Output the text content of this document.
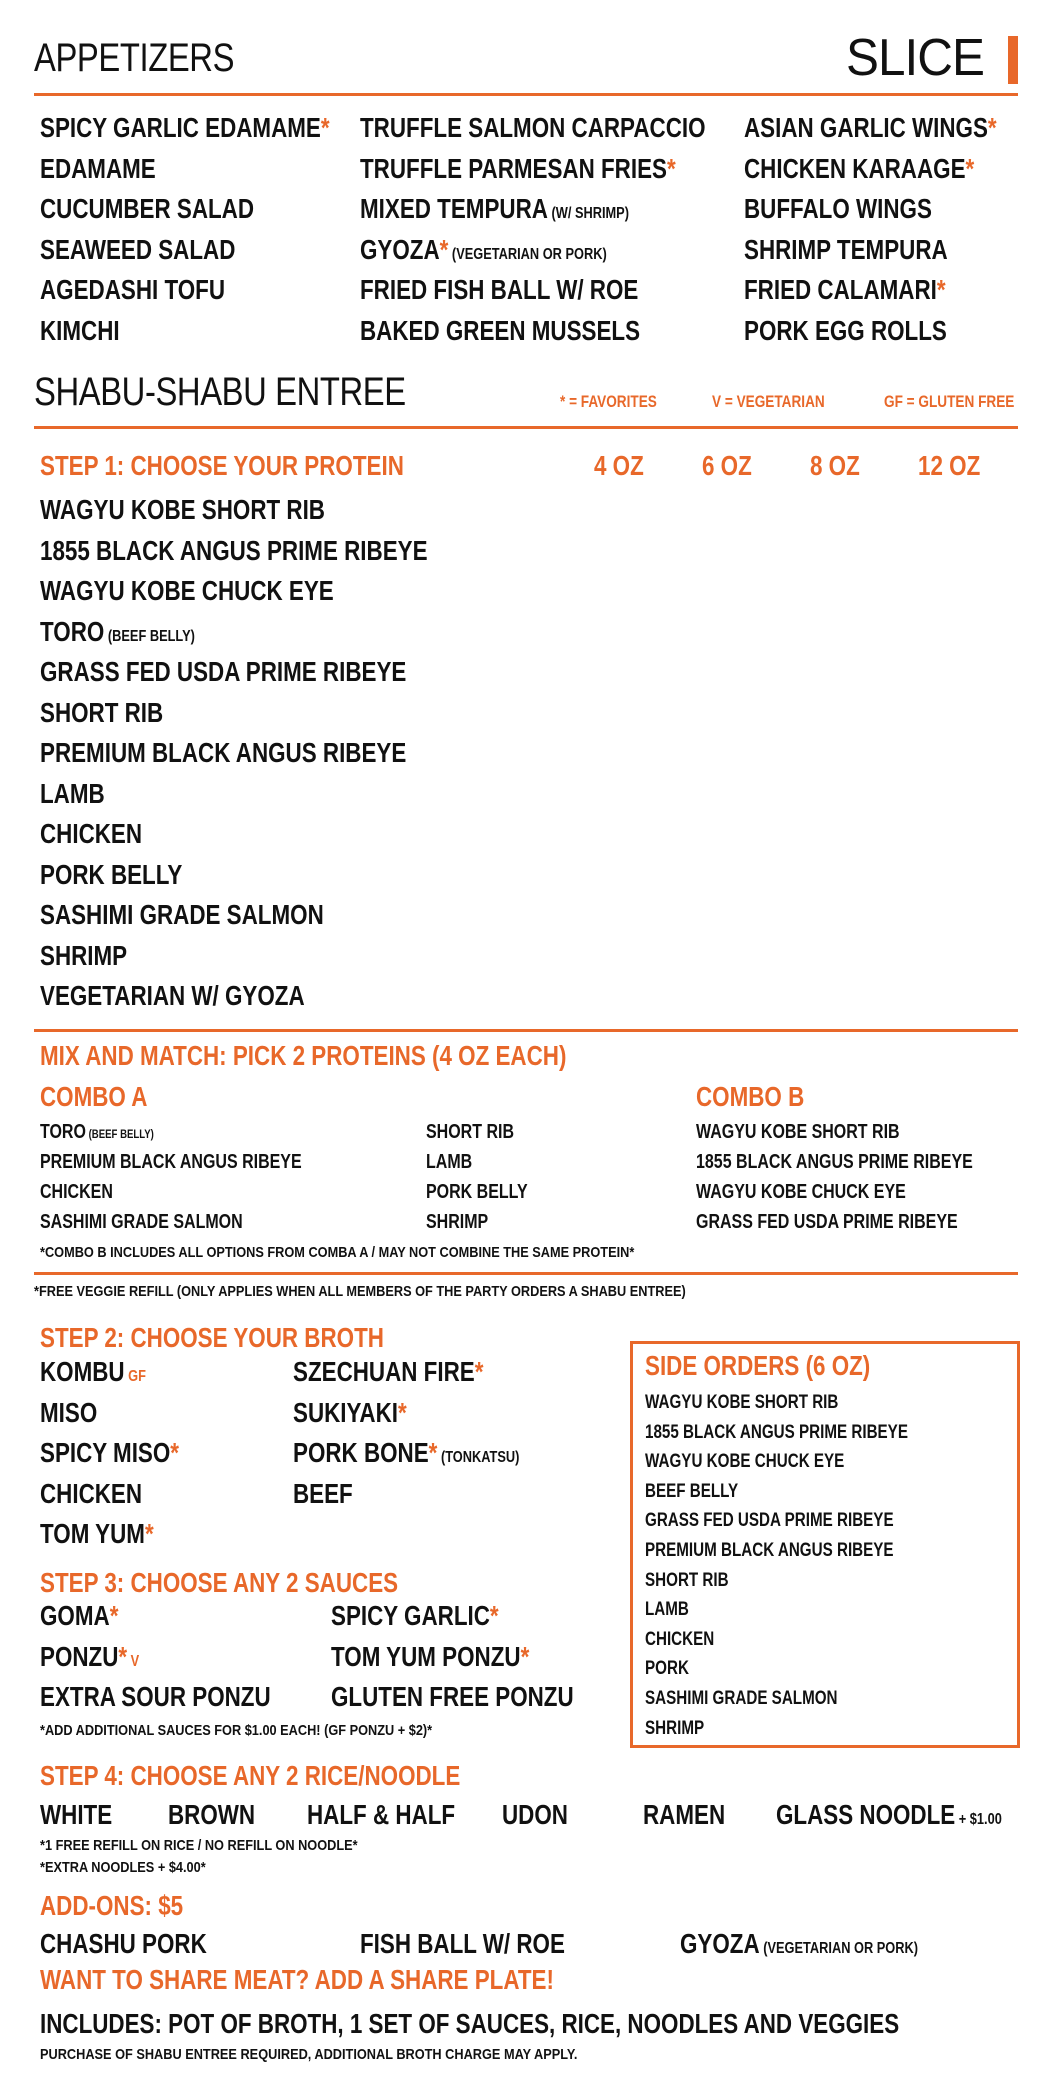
APPETIZERS	SLICE
SPICY GARLIC EDAMAME*
EDAMAME
CUCUMBER SALAD
SEAWEED SALAD
AGEDASHI TOFU
KIMCHI
TRUFFLE SALMON CARPACCIO
TRUFFLE PARMESAN FRIES*
MIXED TEMPURA (W/ SHRIMP)
GYOZA* (VEGETARIAN OR PORK)
FRIED FISH BALL W/ ROE
BAKED GREEN MUSSELS
ASIAN GARLIC WINGS*
CHICKEN KARAAGE*
BUFFALO WINGS
SHRIMP TEMPURA
FRIED CALAMARI*
PORK EGG ROLLS
SHABU-SHABU ENTREE	* = FAVORITES	V = VEGETARIAN	GF = GLUTEN FREE
STEP 1: CHOOSE YOUR PROTEIN	4 OZ 6 OZ 8 OZ 12 OZ
WAGYU KOBE SHORT RIB
1855 BLACK ANGUS PRIME RIBEYE
WAGYU KOBE CHUCK EYE
TORO (BEEF BELLY)
GRASS FED USDA PRIME RIBEYE
SHORT RIB
PREMIUM BLACK ANGUS RIBEYE
LAMB
CHICKEN
PORK BELLY
SASHIMI GRADE SALMON
SHRIMP
VEGETARIAN W/ GYOZA
MIX AND MATCH: PICK 2 PROTEINS (4 OZ EACH)
COMBO A	COMBO B
TORO (BEEF BELLY)
PREMIUM BLACK ANGUS RIBEYE
CHICKEN
SASHIMI GRADE SALMON
SHORT RIB
LAMB
PORK BELLY
SHRIMP
WAGYU KOBE SHORT RIB
1855 BLACK ANGUS PRIME RIBEYE
WAGYU KOBE CHUCK EYE
GRASS FED USDA PRIME RIBEYE
*COMBO B INCLUDES ALL OPTIONS FROM COMBA A / MAY NOT COMBINE THE SAME PROTEIN*
*FREE VEGGIE REFILL (ONLY APPLIES WHEN ALL MEMBERS OF THE PARTY ORDERS A SHABU ENTREE)
STEP 2: CHOOSE YOUR BROTH
KOMBU GF
MISO
SPICY MISO*
CHICKEN
TOM YUM*
SZECHUAN FIRE*
SUKIYAKI*
PORK BONE* (TONKATSU)
BEEF
STEP 3: CHOOSE ANY 2 SAUCES
GOMA*
PONZU* V
EXTRA SOUR PONZU
SPICY GARLIC*
TOM YUM PONZU*
GLUTEN FREE PONZU
*ADD ADDITIONAL SAUCES FOR $1.00 EACH! (GF PONZU + $2)*
SIDE ORDERS (6 OZ)
WAGYU KOBE SHORT RIB
1855 BLACK ANGUS PRIME RIBEYE
WAGYU KOBE CHUCK EYE
BEEF BELLY
GRASS FED USDA PRIME RIBEYE
PREMIUM BLACK ANGUS RIBEYE
SHORT RIB
LAMB
CHICKEN
PORK
SASHIMI GRADE SALMON
SHRIMP
STEP 4: CHOOSE ANY 2 RICE/NOODLE
WHITE BROWN HALF & HALF UDON	RAMEN GLASS NOODLE + $1.00
*1 FREE REFILL ON RICE / NO REFILL ON NOODLE*
*EXTRA NOODLES + $4.00*
ADD-ONS: $5
CHASHU PORK	FISH BALL W/ ROE	GYOZA (VEGETARIAN OR PORK)
WANT TO SHARE MEAT? ADD A SHARE PLATE!
INCLUDES: POT OF BROTH, 1 SET OF SAUCES, RICE, NOODLES AND VEGGIES
PURCHASE OF SHABU ENTREE REQUIRED, ADDITIONAL BROTH CHARGE MAY APPLY.
